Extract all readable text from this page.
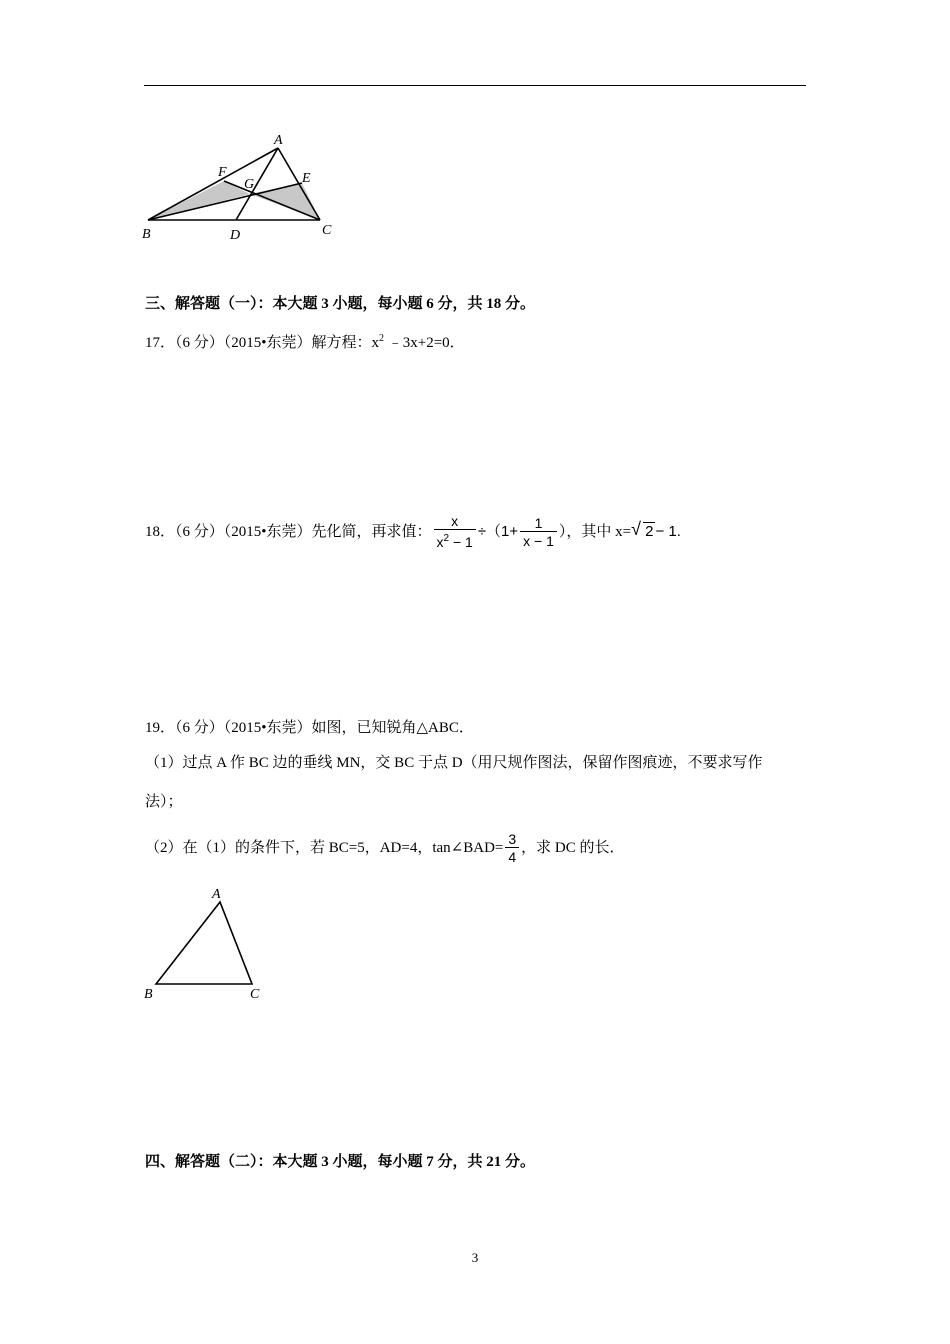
A
B	C
D
E
F
G
三、解答题（一）：本大题 3 小题，每小题 6 分，共 18 分。
17．（6 分）（2015•东莞）解方程：$x^2$ ﹣3x+2=0．
18．（6 分）（2015•东莞）先化简，再求值： $\frac{x}{x^2 - 1} \div(1+ \frac{1}{x - 1}$ ），其中 x= √ 2 − 1.
19．（6 分）（2015•东莞）如图，已知锐角△ABC．
（1）过点 A 作 BC 边的垂线 MN，交 BC 于点 D（用尺规作图法，保留作图痕迹，不要求写作
法）；
（2）在（1）的条件下，若 BC=5，AD=4，tan∠BAD= $\frac{3}{4}$ ，求 DC 的长．
A
B	C
四、解答题（二）：本大题 3 小题，每小题 7 分，共 21 分。
3
